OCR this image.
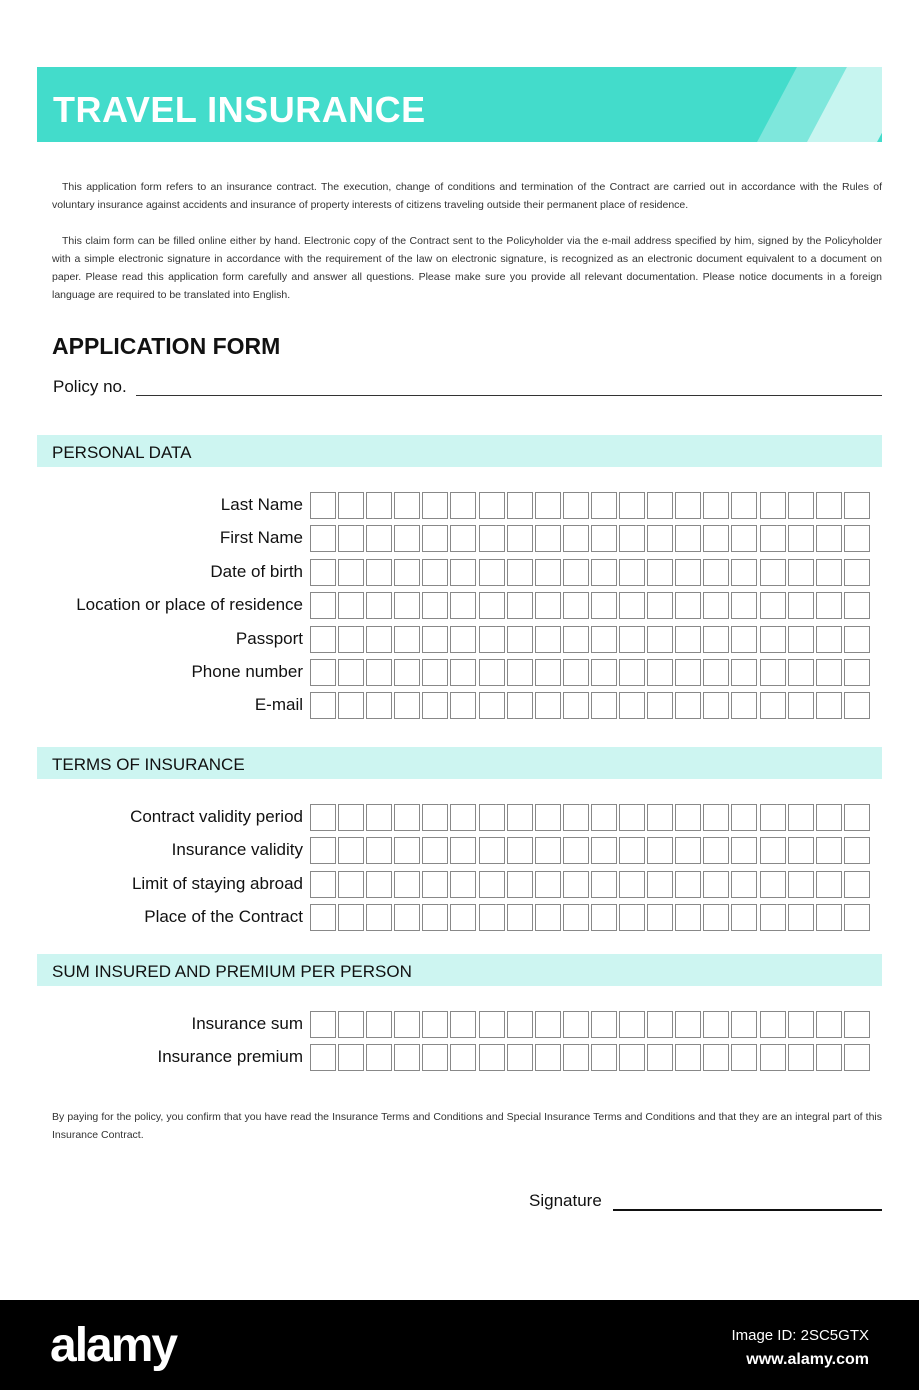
TRAVEL INSURANCE

This application form refers to an insurance contract. The execution, change of conditions and termination of the Contract are carried out in accordance with the Rules of voluntary insurance against accidents and insurance of property interests of citizens traveling outside their permanent place of residence.

This claim form can be filled online either by hand. Electronic copy of the Contract sent to the Policyholder via the e-mail address specified by him, signed by the Policyholder with a simple electronic signature in accordance with the requirement of the law on electronic signature, is recognized as an electronic document equivalent to a document on paper. Please read this application form carefully and answer all questions. Please make sure you provide all relevant documentation. Please notice documents in a foreign language are required to be translated into English.

APPLICATION FORM
Policy no.
PERSONAL DATA
Last Name
First Name
Date of birth
Location or place of residence
Passport
Phone number
E-mail
TERMS OF INSURANCE
Contract validity period
Insurance validity
Limit of staying abroad
Place of the Contract
SUM INSURED AND PREMIUM PER PERSON
Insurance sum
Insurance premium

By paying for the policy, you confirm that you have read the Insurance Terms and Conditions and Special Insurance Terms and Conditions and that they are an integral part of this Insurance Contract.

Signature
alamy	Image ID: 2SC5GTX
www.alamy.com
